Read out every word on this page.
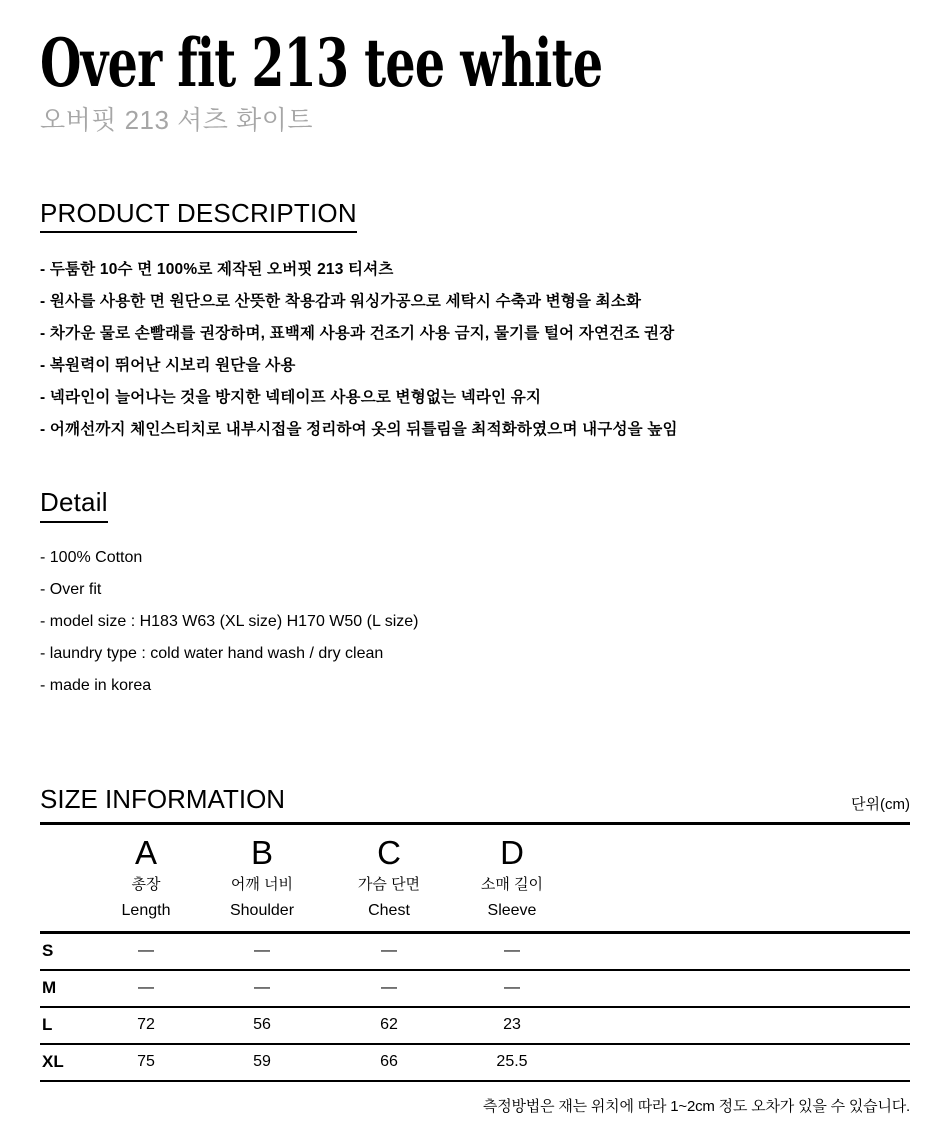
Over fit 213 tee white

오버핏 213 셔츠 화이트

PRODUCT DESCRIPTION
- 두툼한 10수 면 100%로 제작된 오버핏 213 티셔츠
- 원사를 사용한 면 원단으로 산뜻한 착용감과 워싱가공으로 세탁시 수축과 변형을 최소화
- 차가운 물로 손빨래를 권장하며, 표백제 사용과 건조기 사용 금지, 물기를 털어 자연건조 권장
- 복원력이 뛰어난 시보리 원단을 사용
- 넥라인이 늘어나는 것을 방지한 넥테이프 사용으로 변형없는 넥라인 유지
- 어깨선까지 체인스티치로 내부시접을 정리하여 옷의 뒤틀림을 최적화하였으며 내구성을 높임
Detail
- 100% Cotton
- Over fit
- model size : H183 W63 (XL size) H170 W50 (L size)
- laundry type : cold water hand wash / dry clean
- made in korea
SIZE INFORMATION	단위(cm)

A
총장
Length

B
어깨 너비
Shoulder

C
가슴 단면
Chest

D
소매 길이
Sleeve

S	—	—	—	—	
M	—	—	—	—	
L	72	56	62	23	
XL	75	59	66	25.5	
측정방법은 재는 위치에 따라 1~2cm 정도 오차가 있을 수 있습니다.
